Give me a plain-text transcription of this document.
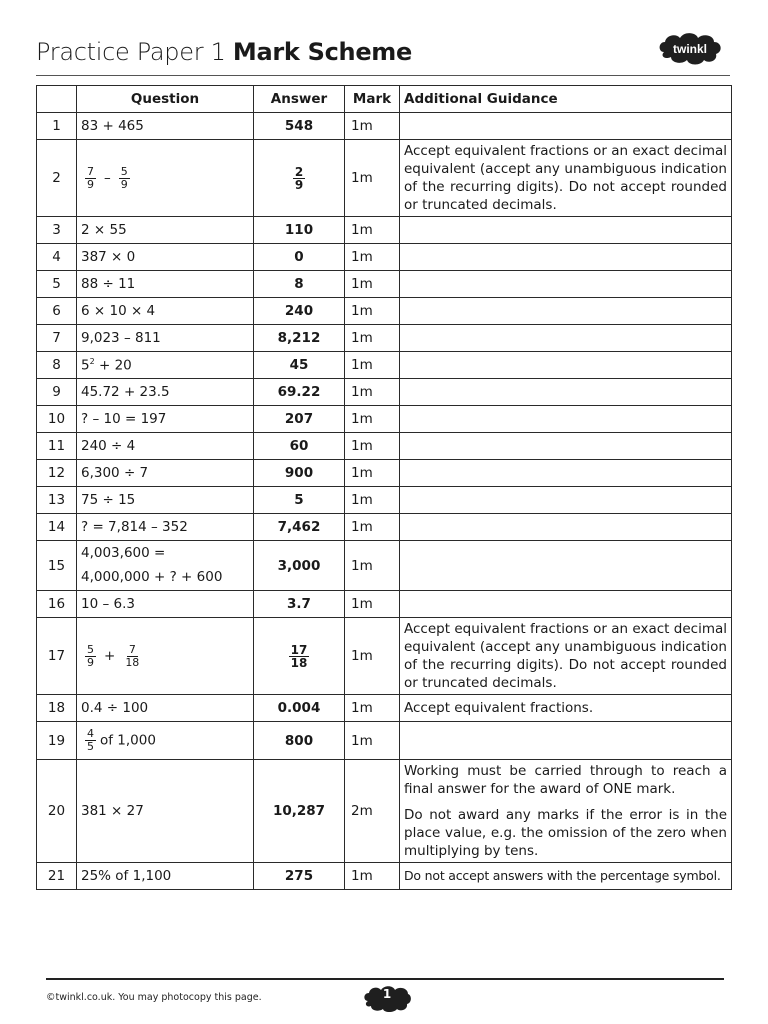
Practice Paper 1 Mark Scheme	twinkl
	Question	Answer	Mark	Additional Guidance
1	83 + 465	548	1m	
2	$\frac{7}{9} - \frac{5}{9}$	$\frac{2}{9}$	1m	Accept equivalent fractions or an exact decimal equivalent (accept any unambiguous indication of the recurring digits). Do not accept rounded or truncated decimals.
3	2 × 55	110	1m	
4	387 × 0	0	1m	
5	88 ÷ 11	8	1m	
6	6 × 10 × 4	240	1m	
7	9,023 – 811	8,212	1m	
8	$5^2 + 20$	45	1m	
9	45.72 + 23.5	69.22	1m	
10	? – 10 = 197	207	1m	
11	240 ÷ 4	60	1m	
12	6,300 ÷ 7	900	1m	
13	75 ÷ 15	5	1m	
14	? = 7,814 – 352	7,462	1m	
15	4,003,600 =
4,000,000 + ? + 600	3,000	1m	
16	10 – 6.3	3.7	1m	
17	$\frac{5}{9} + \frac{7}{18}$	$\frac{17}{18}$	1m	Accept equivalent fractions or an exact decimal equivalent (accept any unambiguous indication of the recurring digits). Do not accept rounded or truncated decimals.
18	0.4 ÷ 100	0.004	1m	Accept equivalent fractions.
19	$\frac{4}{5}$ of 1,000	800	1m	
20	381 × 27	10,287	2m	Working must be carried through to reach a final answer for the award of ONE mark.

Do not award any marks if the error is in the place value, e.g. the omission of the zero when multiplying by tens.

21	25% of 1,100	275	1m	Do not accept answers with the percentage symbol.
©twinkl.co.uk. You may photocopy this page.	1
